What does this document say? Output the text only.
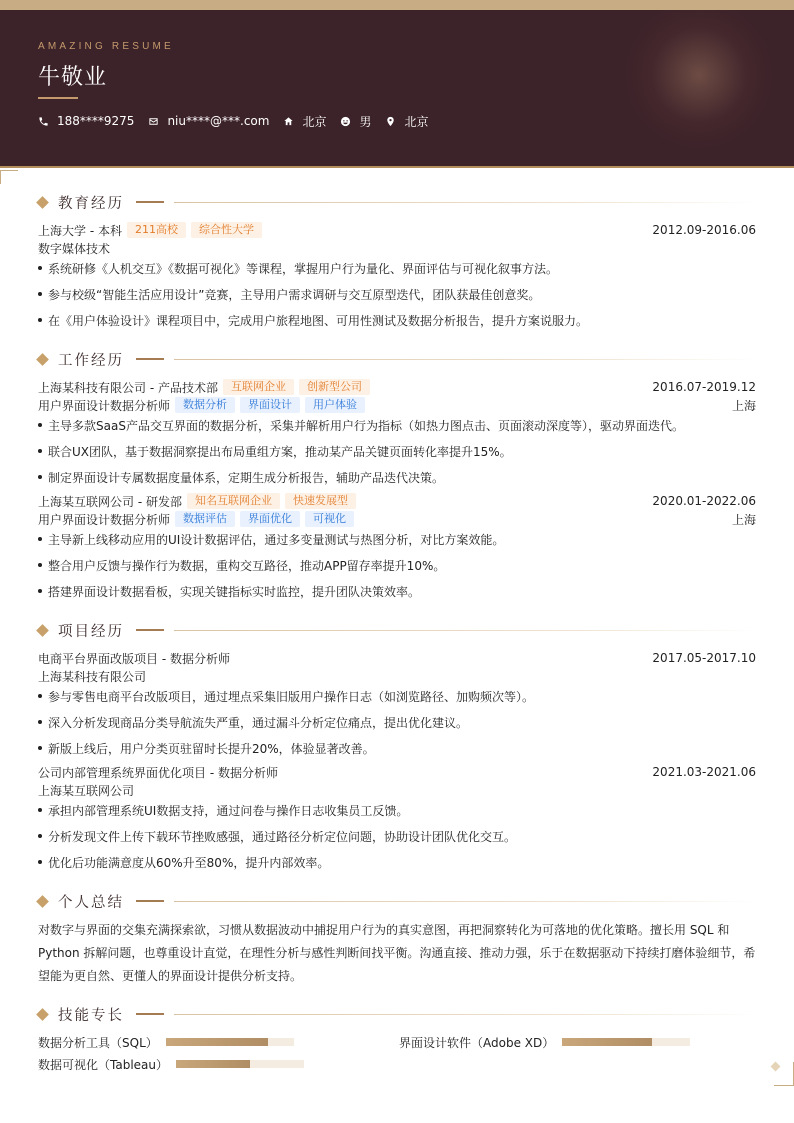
AMAZING RESUME
牛敬业
188****9275	niu****@***.com	北京	男	北京
教育经历
上海大学 - 本科	211高校	综合性大学	2012.09-2016.06
数字媒体技术
系统研修《人机交互》《数据可视化》等课程，掌握用户行为量化、界面评估与可视化叙事方法。
参与校级“智能生活应用设计”竞赛，主导用户需求调研与交互原型迭代，团队获最佳创意奖。
在《用户体验设计》课程项目中，完成用户旅程地图、可用性测试及数据分析报告，提升方案说服力。
工作经历
上海某科技有限公司 - 产品技术部	互联网企业	创新型公司	2016.07-2019.12
用户界面设计数据分析师	数据分析	界面设计	用户体验	上海
主导多款SaaS产品交互界面的数据分析，采集并解析用户行为指标（如热力图点击、页面滚动深度等），驱动界面迭代。
联合UX团队，基于数据洞察提出布局重组方案，推动某产品关键页面转化率提升15%。
制定界面设计专属数据度量体系，定期生成分析报告，辅助产品迭代决策。
上海某互联网公司 - 研发部	知名互联网企业	快速发展型	2020.01-2022.06
用户界面设计数据分析师	数据评估	界面优化	可视化	上海
主导新上线移动应用的UI设计数据评估，通过多变量测试与热图分析，对比方案效能。
整合用户反馈与操作行为数据，重构交互路径，推动APP留存率提升10%。
搭建界面设计数据看板，实现关键指标实时监控，提升团队决策效率。
项目经历
电商平台界面改版项目 - 数据分析师	2017.05-2017.10
上海某科技有限公司
参与零售电商平台改版项目，通过埋点采集旧版用户操作日志（如浏览路径、加购频次等）。
深入分析发现商品分类导航流失严重，通过漏斗分析定位痛点，提出优化建议。
新版上线后，用户分类页驻留时长提升20%，体验显著改善。
公司内部管理系统界面优化项目 - 数据分析师	2021.03-2021.06
上海某互联网公司
承担内部管理系统UI数据支持，通过问卷与操作日志收集员工反馈。
分析发现文件上传下载环节挫败感强，通过路径分析定位问题，协助设计团队优化交互。
优化后功能满意度从60%升至80%，提升内部效率。
个人总结

对数字与界面的交集充满探索欲，习惯从数据波动中捕捉用户行为的真实意图，再把洞察转化为可落地的优化策略。擅长用 SQL 和 Python 拆解问题，也尊重设计直觉，在理性分析与感性判断间找平衡。沟通直接、推动力强，乐于在数据驱动下持续打磨体验细节，希望能为更自然、更懂人的界面设计提供分析支持。

技能专长
数据分析工具（SQL）	界面设计软件（Adobe XD）
数据可视化（Tableau）
